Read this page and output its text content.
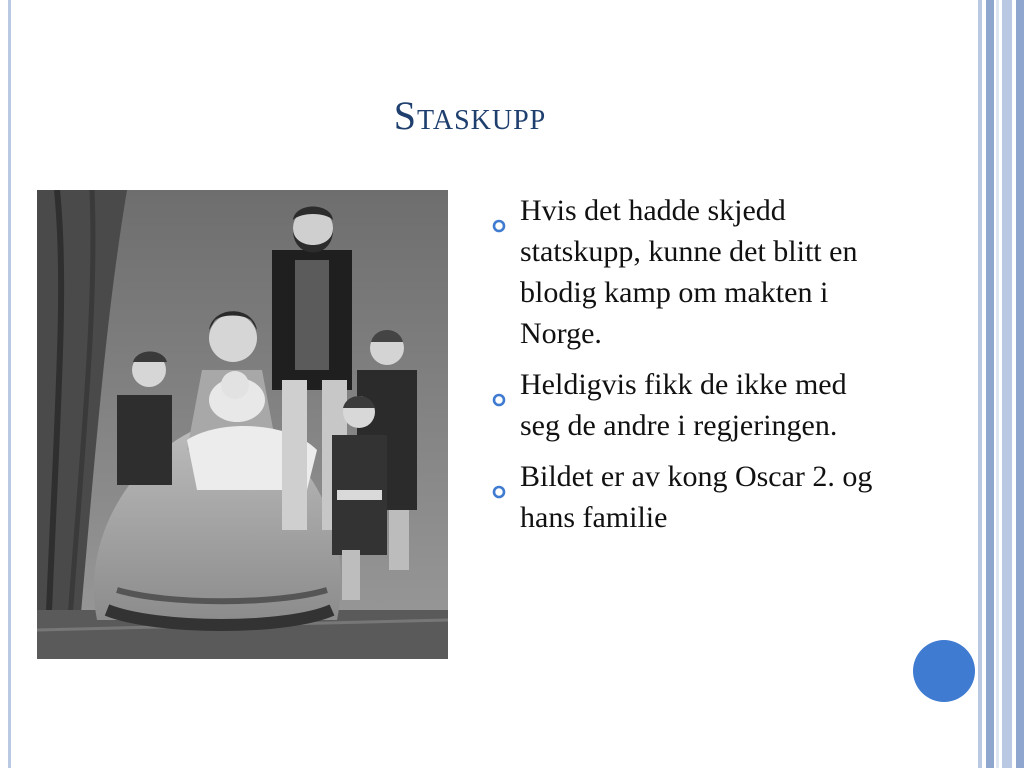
Staskupp
Hvis det hadde skjedd statskupp, kunne det blitt en blodig kamp om makten i Norge.
Heldigvis fikk de ikke med seg de andre i regjeringen.
Bildet er av kong Oscar 2. og hans familie
